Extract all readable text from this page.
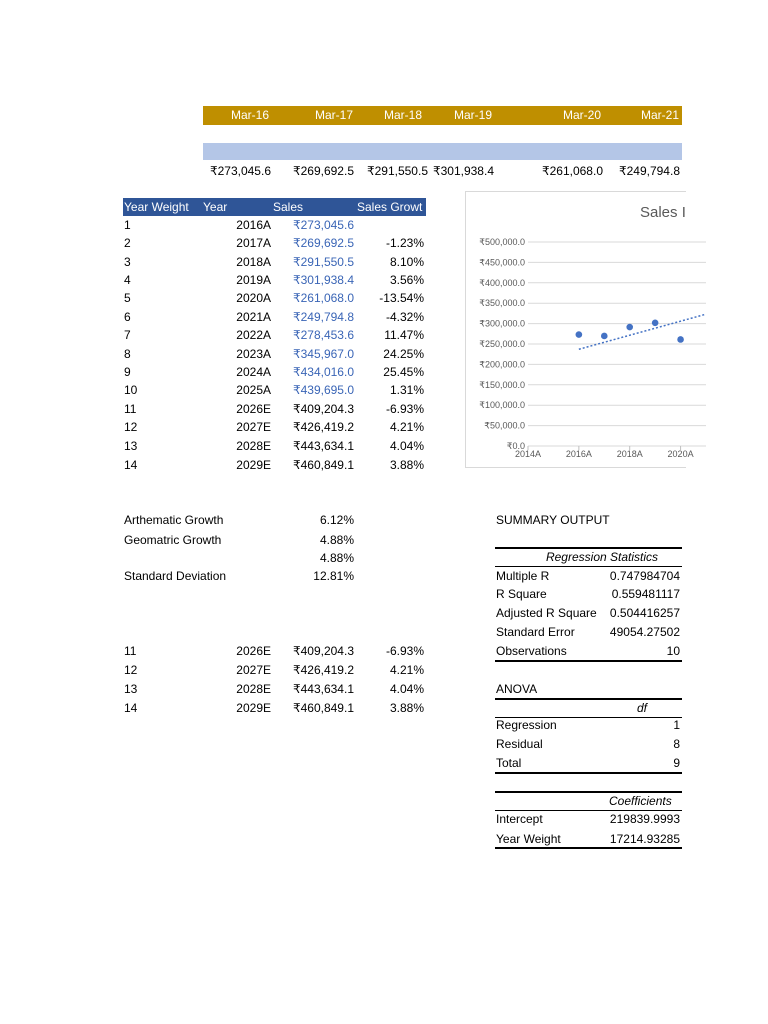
Mar-16	Mar-17	Mar-18	Mar-19	Mar-20	Mar-21
₹273,045.6	₹269,692.5	₹291,550.5 ₹301,938.4	₹261,068.0	₹249,794.8
Year Weight Year	Sales	Sales Growt
1	2016A	₹273,045.6
2	2017A	₹269,692.5	-1.23%
3	2018A	₹291,550.5	8.10%
4	2019A	₹301,938.4	3.56%
5	2020A	₹261,068.0	-13.54%
6	2021A	₹249,794.8	-4.32%
7	2022A	₹278,453.6	11.47%
8	2023A	₹345,967.0	24.25%
9	2024A	₹434,016.0	25.45%
10	2025A	₹439,695.0	1.31%
11	2026E	₹409,204.3	-6.93%
12	2027E	₹426,419.2	4.21%
13	2028E	₹443,634.1	4.04%
14	2029E	₹460,849.1	3.88%
Sales I
₹0.0
₹50,000.0
₹100,000.0
₹150,000.0
₹200,000.0
₹250,000.0
₹300,000.0
₹350,000.0
₹400,000.0
₹450,000.0
₹500,000.0
2014A	2016A	2018A	2020A
Arthematic Growth	6.12%
Geomatric Growth	4.88%
4.88%
Standard Deviation	12.81%
11	2026E	₹409,204.3	-6.93%
12	2027E	₹426,419.2	4.21%
13	2028E	₹443,634.1	4.04%
14	2029E	₹460,849.1	3.88%
SUMMARY OUTPUT
Regression Statistics
Multiple R	0.747984704
R Square	0.559481117
Adjusted R Square	0.504416257
Standard Error	49054.27502
Observations	10
ANOVA
df
Regression	1
Residual	8
Total	9
Coefficients
Intercept	219839.9993
Year Weight	17214.93285
